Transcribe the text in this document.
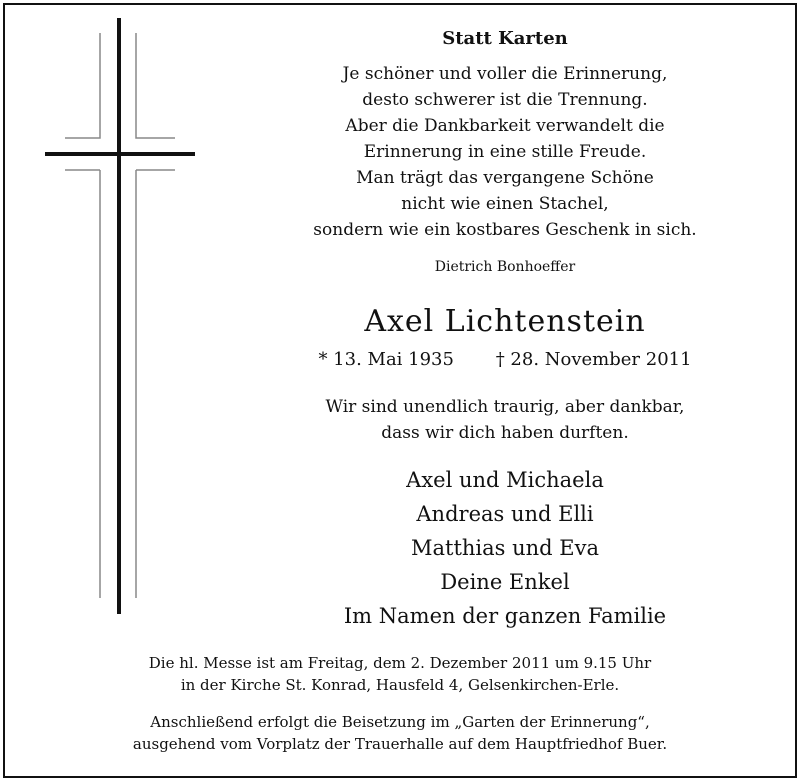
Statt Karten
Je schöner und voller die Erinnerung,
desto schwerer ist die Trennung.
Aber die Dankbarkeit verwandelt die
Erinnerung in eine stille Freude.
Man trägt das vergangene Schöne
nicht wie einen Stachel,
sondern wie ein kostbares Geschenk in sich.
Dietrich Bonhoeffer
Axel Lichtenstein
* 13. Mai 1935 † 28. November 2011
Wir sind unendlich traurig, aber dankbar,
dass wir dich haben durften.
Axel und Michaela
Andreas und Elli
Matthias und Eva
Deine Enkel
Im Namen der ganzen Familie
Die hl. Messe ist am Freitag, dem 2. Dezember 2011 um 9.15 Uhr
in der Kirche St. Konrad, Hausfeld 4, Gelsenkirchen-Erle.
Anschließend erfolgt die Beisetzung im „Garten der Erinnerung“,
ausgehend vom Vorplatz der Trauerhalle auf dem Hauptfriedhof Buer.
